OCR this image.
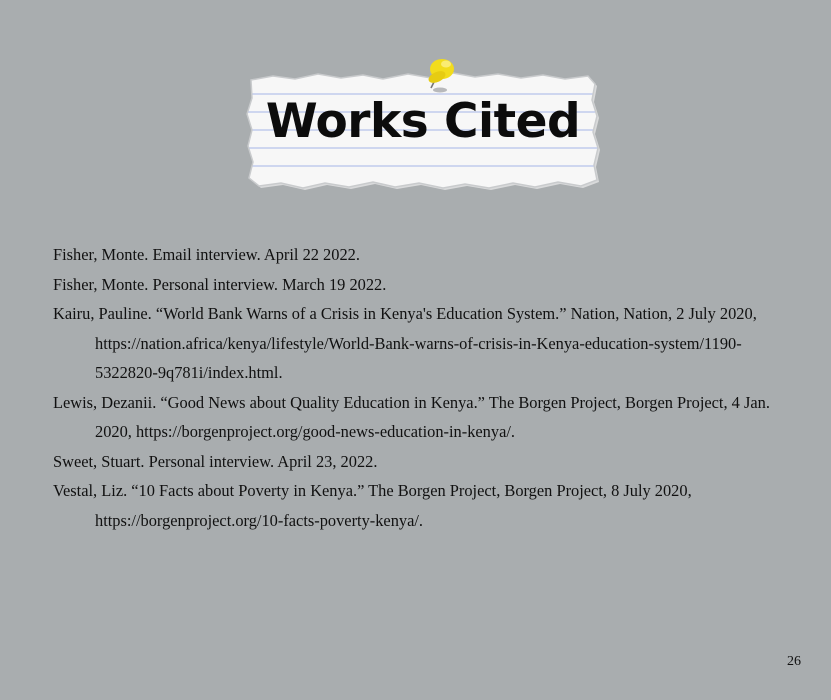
Works Cited

Fisher, Monte. Email interview. April 22 2022.

Fisher, Monte. Personal interview. March 19 2022.

Kairu, Pauline. “World Bank Warns of a Crisis in Kenya's Education System.” Nation, Nation, 2 July 2020, https://nation.africa/kenya/lifestyle/World-Bank-warns-of-crisis-in-Kenya-education-system/1190-5322820-9q781i/index.html.

Lewis, Dezanii. “Good News about Quality Education in Kenya.” The Borgen Project, Borgen Project, 4 Jan. 2020, https://borgenproject.org/good-news-education-in-kenya/.

Sweet, Stuart. Personal interview. April 23, 2022.

Vestal, Liz. “10 Facts about Poverty in Kenya.” The Borgen Project, Borgen Project, 8 July 2020, https://borgenproject.org/10-facts-poverty-kenya/.

26
